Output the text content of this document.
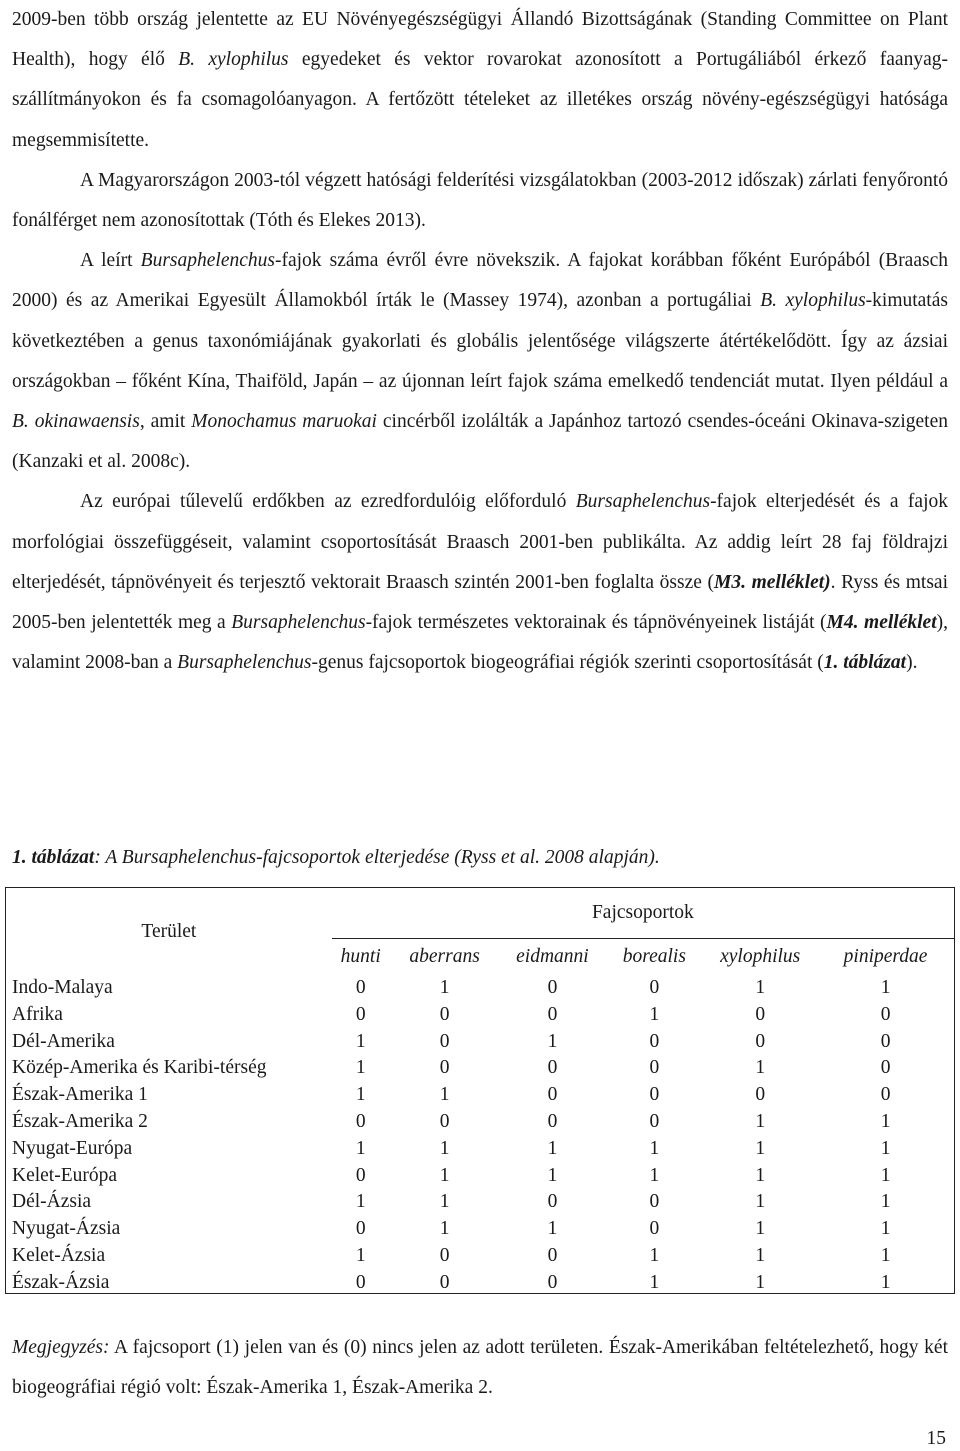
2009-ben több ország jelentette az EU Növényegészségügyi Állandó Bizottságának (Standing Committee on Plant Health), hogy élő B. xylophilus egyedeket és vektor rovarokat azonosított a Portugáliából érkező faanyag-szállítmányokon és fa csomagolóanyagon. A fertőzött tételeket az illetékes ország növény-egészségügyi hatósága megsemmisítette.

A Magyarországon 2003-tól végzett hatósági felderítési vizsgálatokban (2003-2012 időszak) zárlati fenyőrontó fonálférget nem azonosítottak (Tóth és Elekes 2013).

A leírt Bursaphelenchus-fajok száma évről évre növekszik. A fajokat korábban főként Európából (Braasch 2000) és az Amerikai Egyesült Államokból írták le (Massey 1974), azonban a portugáliai B. xylophilus-kimutatás következtében a genus taxonómiájának gyakorlati és globális jelentősége világszerte átértékelődött. Így az ázsiai országokban – főként Kína, Thaiföld, Japán – az újonnan leírt fajok száma emelkedő tendenciát mutat. Ilyen például a B. okinawaensis, amit Monochamus maruokai cincérből izolálták a Japánhoz tartozó csendes-óceáni Okinava-szigeten (Kanzaki et al. 2008c).

Az európai tűlevelű erdőkben az ezredfordulóig előforduló Bursaphelenchus-fajok elterjedését és a fajok morfológiai összefüggéseit, valamint csoportosítását Braasch 2001-ben publikálta. Az addig leírt 28 faj földrajzi elterjedését, tápnövényeit és terjesztő vektorait Braasch szintén 2001-ben foglalta össze (M3. melléklet). Ryss és mtsai 2005-ben jelentették meg a Bursaphelenchus-fajok természetes vektorainak és tápnövényeinek listáját (M4. melléklet), valamint 2008-ban a Bursaphelenchus-genus fajcsoportok biogeográfiai régiók szerinti csoportosítását (1. táblázat).

1. táblázat: A Bursaphelenchus-fajcsoportok elterjedése (Ryss et al. 2008 alapján).
Terület	Fajcsoportok					
	hunti	aberrans	eidmanni	borealis	xylophilus	piniperdae
Indo-Malaya	0	1	0	0	1	1
Afrika	0	0	0	1	0	0
Dél-Amerika	1	0	1	0	0	0
Közép-Amerika és Karibi-térség	1	0	0	0	1	0
Észak-Amerika 1	1	1	0	0	0	0
Észak-Amerika 2	0	0	0	0	1	1
Nyugat-Európa	1	1	1	1	1	1
Kelet-Európa	0	1	1	1	1	1
Dél-Ázsia	1	1	0	0	1	1
Nyugat-Ázsia	0	1	1	0	1	1
Kelet-Ázsia	1	0	0	1	1	1
Észak-Ázsia	0	0	0	1	1	1

Megjegyzés: A fajcsoport (1) jelen van és (0) nincs jelen az adott területen. Észak-Amerikában feltételezhető, hogy két biogeográfiai régió volt: Észak-Amerika 1, Észak-Amerika 2.

15
